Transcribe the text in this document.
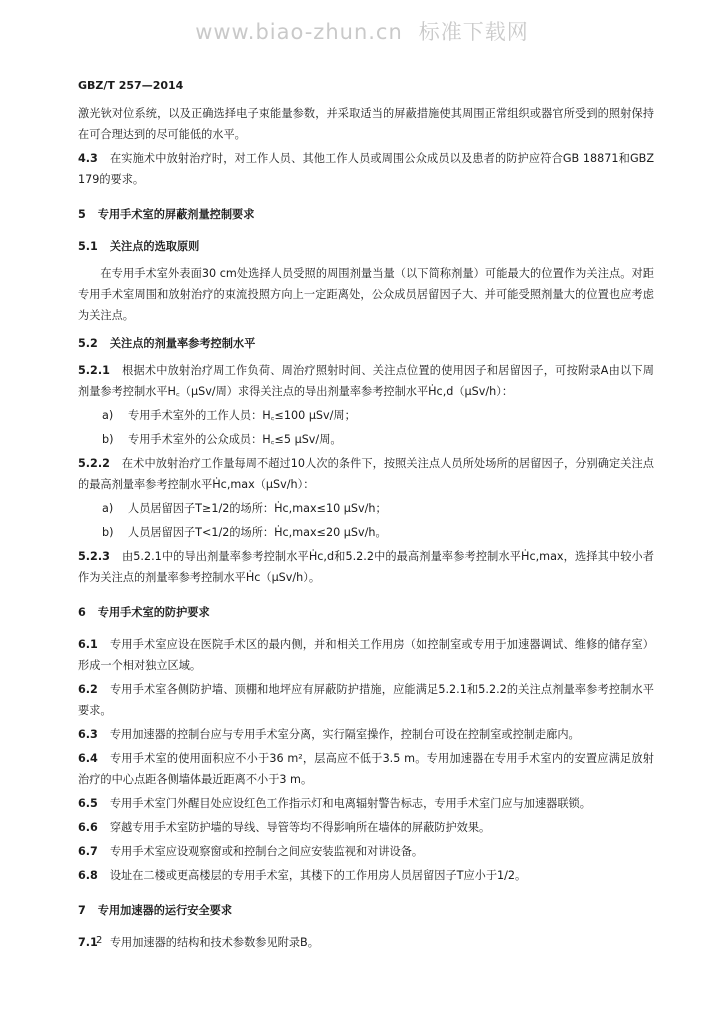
www.biao-zhun.cn 标准下载网
GBZ/T 257—2014

激光钬对位系统，以及正确选择电子束能量参数，并采取适当的屏蔽措施使其周围正常组织或器官所受到的照射保持在可合理达到的尽可能低的水平。

4.3 在实施术中放射治疗时，对工作人员、其他工作人员或周围公众成员以及患者的防护应符合GB 18871和GBZ 179的要求。

5 专用手术室的屏蔽剂量控制要求
5.1 关注点的选取原则

在专用手术室外表面30 cm处选择人员受照的周围剂量当量（以下简称剂量）可能最大的位置作为关注点。对距专用手术室周围和放射治疗的束流投照方向上一定距离处，公众成员居留因子大、并可能受照剂量大的位置也应考虑为关注点。

5.2 关注点的剂量率参考控制水平

5.2.1 根据术中放射治疗周工作负荷、周治疗照射时间、关注点位置的使用因子和居留因子，可按附录A由以下周剂量参考控制水平H꜀（μSv/周）求得关注点的导出剂量率参考控制水平Ḣc,d（μSv/h）：

a) 专用手术室外的工作人员：H꜀≤100 μSv/周；

b) 专用手术室外的公众成员：H꜀≤5 μSv/周。

5.2.2 在术中放射治疗工作量每周不超过10人次的条件下，按照关注点人员所处场所的居留因子，分别确定关注点的最高剂量率参考控制水平Ḣc,max（μSv/h）：

a) 人员居留因子T≥1/2的场所：Ḣc,max≤10 μSv/h；

b) 人员居留因子T<1/2的场所：Ḣc,max≤20 μSv/h。

5.2.3 由5.2.1中的导出剂量率参考控制水平Ḣc,d和5.2.2中的最高剂量率参考控制水平Ḣc,max，选择其中较小者作为关注点的剂量率参考控制水平Ḣc（μSv/h）。

6 专用手术室的防护要求

6.1 专用手术室应设在医院手术区的最内侧，并和相关工作用房（如控制室或专用于加速器调试、维修的储存室）形成一个相对独立区域。

6.2 专用手术室各侧防护墙、顶棚和地坪应有屏蔽防护措施，应能满足5.2.1和5.2.2的关注点剂量率参考控制水平要求。

6.3 专用加速器的控制台应与专用手术室分离，实行隔室操作，控制台可设在控制室或控制走廊内。

6.4 专用手术室的使用面积应不小于36 m²，层高应不低于3.5 m。专用加速器在专用手术室内的安置应满足放射治疗的中心点距各侧墙体最近距离不小于3 m。

6.5 专用手术室门外醒目处应设红色工作指示灯和电离辐射警告标志，专用手术室门应与加速器联锁。

6.6 穿越专用手术室防护墙的导线、导管等均不得影响所在墙体的屏蔽防护效果。

6.7 专用手术室应设观察窗或和控制台之间应安装监视和对讲设备。

6.8 设址在二楼或更高楼层的专用手术室，其楼下的工作用房人员居留因子T应小于1/2。

7 专用加速器的运行安全要求

7.1 专用加速器的结构和技术参数参见附录B。

2
